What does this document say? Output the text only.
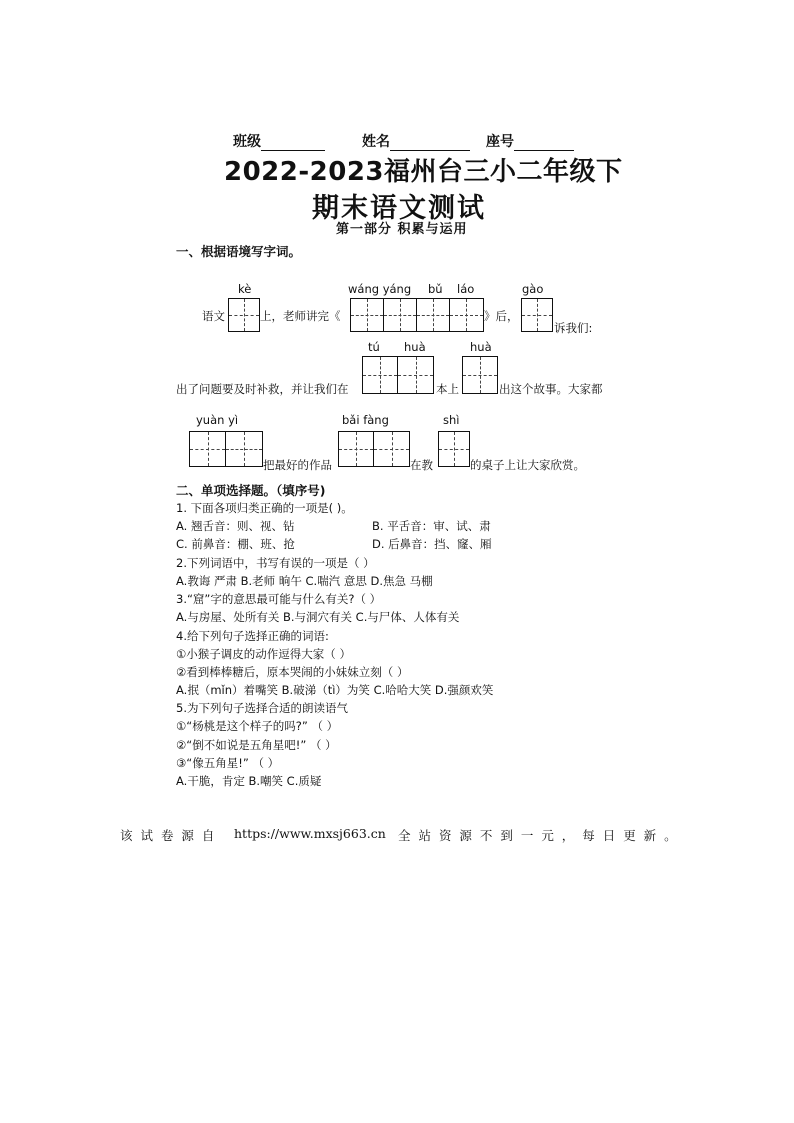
班级	姓名	座号
2022-2023福州台三小二年级下
期末语文测试
第一部分 积累与运用
一、根据语境写字词。
kè	wáng yáng bǔ láo	gào
语文	上，老师讲完《	》后，
诉我们:
tú huà	huà
出了问题要及时补救，并让我们在	本上	出这个故事。大家都
yuàn yì	bǎi fàng	shì
把最好的作品	在教	的桌子上让大家欣赏。
二、单项选择题。（填序号)
1. 下面各项归类正确的一项是( )。
A. 翘舌音：则、视、钻	B. 平舌音：审、试、肃
C. 前鼻音：棚、班、抢	D. 后鼻音：挡、窿、厢
2.下列词语中，书写有误的一项是（ ）
A.教诲 严肃 B.老师 晌午 C.喘汽 意思 D.焦急 马棚
3.“窟”字的意思最可能与什么有关?（ ）
A.与房屋、处所有关 B.与洞穴有关 C.与尸体、人体有关
4.给下列句子选择正确的词语:
①小猴子调皮的动作逗得大家（ ）
②看到棒棒糖后，原本哭闹的小妹妹立刻（ ）
A.抿（mǐn）着嘴笑 B.破涕（tì）为笑 C.哈哈大笑 D.强颜欢笑
5.为下列句子选择合适的朗读语气
①“杨桃是这个样子的吗?” （ ）
②“倒不如说是五角星吧!” （ ）
③“像五角星!” （ ）
A.干脆，肯定 B.嘲笑 C.质疑
该 试 卷 源 自 https://www.mxsj663.cn 全 站 资 源 不 到 一 元 ， 每 日 更 新 。
